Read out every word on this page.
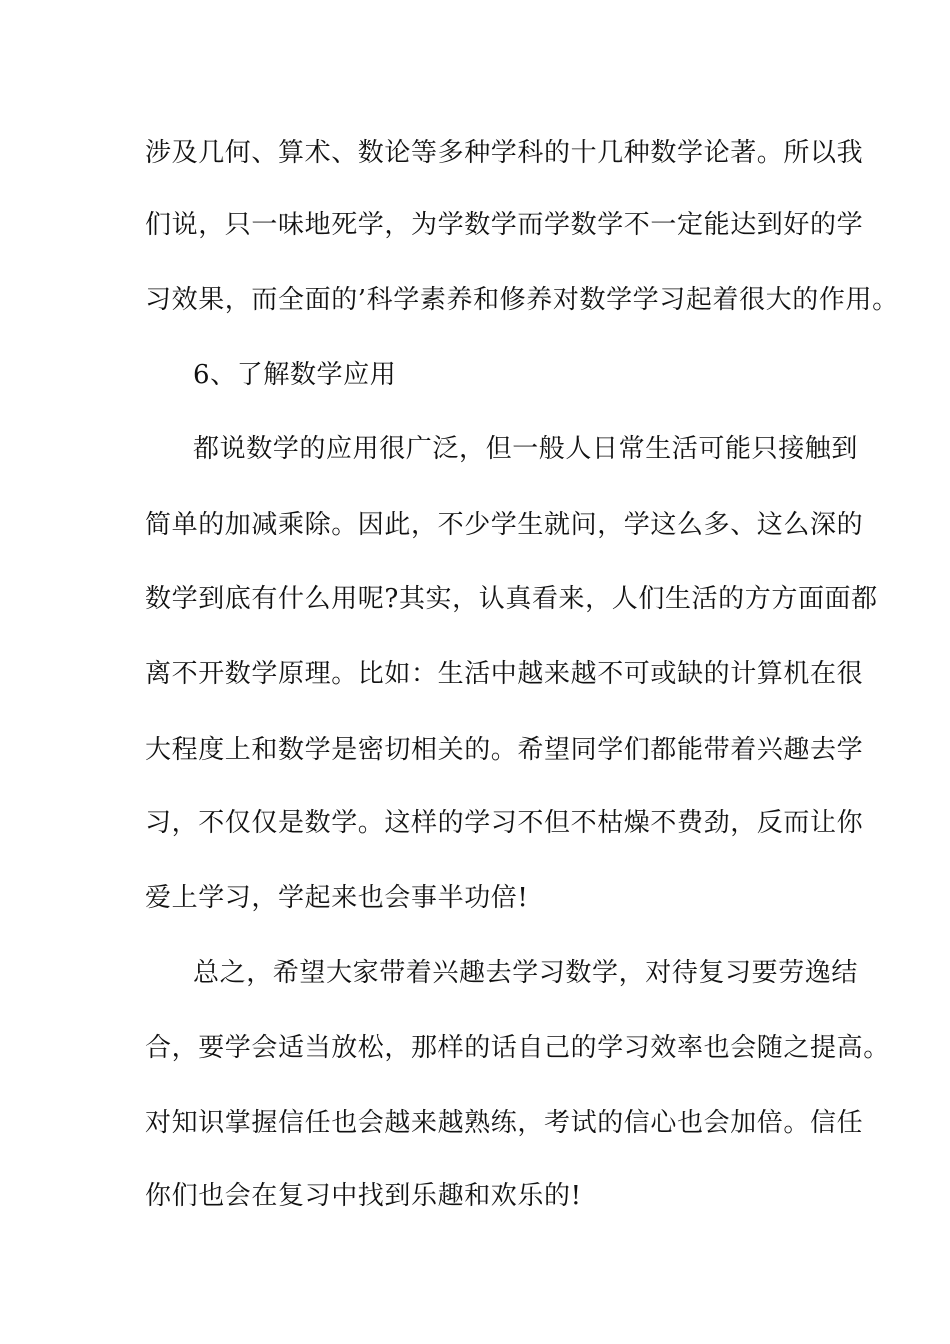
涉及几何、算术、数论等多种学科的十几种数学论著。所以我
们说，只一味地死学，为学数学而学数学不一定能达到好的学
习效果，而全面的’科学素养和修养对数学学习起着很大的作用。
6、了解数学应用
都说数学的应用很广泛，但一般人日常生活可能只接触到
简单的加减乘除。因此，不少学生就问，学这么多、这么深的
数学到底有什么用呢?其实，认真看来，人们生活的方方面面都
离不开数学原理。比如：生活中越来越不可或缺的计算机在很
大程度上和数学是密切相关的。希望同学们都能带着兴趣去学
习，不仅仅是数学。这样的学习不但不枯燥不费劲，反而让你
爱上学习，学起来也会事半功倍!
总之，希望大家带着兴趣去学习数学，对待复习要劳逸结
合，要学会适当放松，那样的话自己的学习效率也会随之提高。
对知识掌握信任也会越来越熟练，考试的信心也会加倍。信任
你们也会在复习中找到乐趣和欢乐的!
